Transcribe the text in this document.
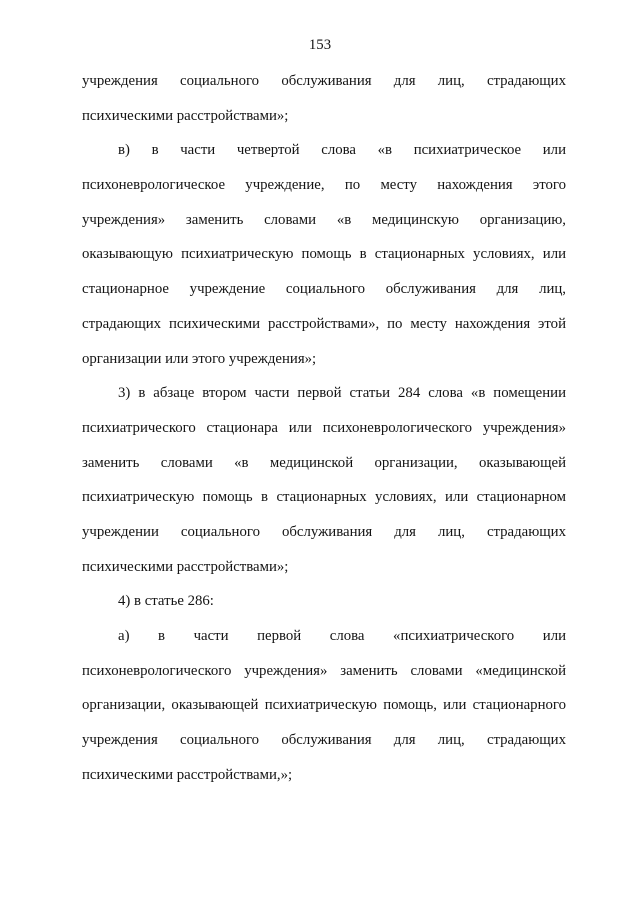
153
учреждения социального обслуживания для лиц, страдающих
психическими расстройствами»;
в) в части четвертой слова «в психиатрическое или
психоневрологическое учреждение, по месту нахождения этого
учреждения» заменить словами «в медицинскую организацию,
оказывающую психиатрическую помощь в стационарных условиях, или
стационарное учреждение социального обслуживания для лиц,
страдающих психическими расстройствами», по месту нахождения этой
организации или этого учреждения»;
3) в абзаце втором части первой статьи 284 слова «в помещении
психиатрического стационара или психоневрологического учреждения»
заменить словами «в медицинской организации, оказывающей
психиатрическую помощь в стационарных условиях, или стационарном
учреждении социального обслуживания для лиц, страдающих
психическими расстройствами»;
4) в статье 286:
а) в части первой слова «психиатрического или
психоневрологического учреждения» заменить словами «медицинской
организации, оказывающей психиатрическую помощь, или стационарного
учреждения социального обслуживания для лиц, страдающих
психическими расстройствами,»;
